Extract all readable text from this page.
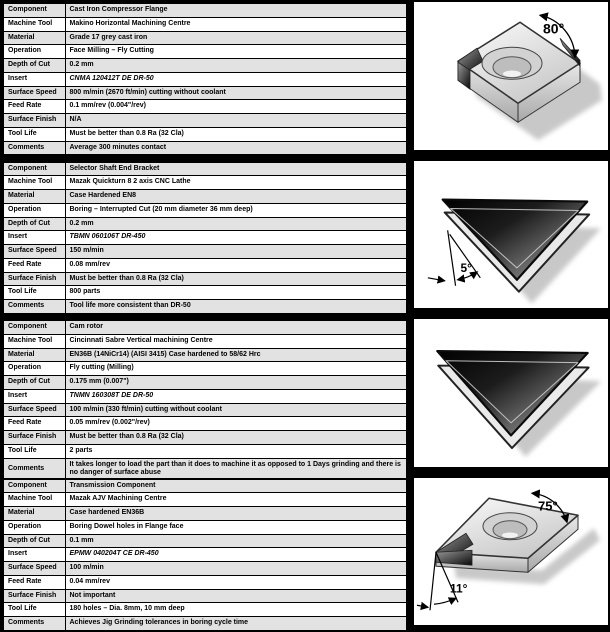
Component	Cast Iron Compressor Flange
Machine Tool	Makino Horizontal Machining Centre
Material	Grade 17 grey cast iron
Operation	Face Milling – Fly Cutting
Depth of Cut	0.2 mm
Insert	CNMA 120412T DE DR-50
Surface Speed	800 m/min (2670 ft/min) cutting without coolant
Feed Rate	0.1 mm/rev (0.004"/rev)
Surface Finish	N/A
Tool Life	Must be better than 0.8 Ra (32 Cla)
Comments	Average 300 minutes contact
80°
Component	Selector Shaft End Bracket
Machine Tool	Mazak Quickturn 8 2 axis CNC Lathe
Material	Case Hardened EN8
Operation	Boring – Interrupted Cut (20 mm diameter 36 mm deep)
Depth of Cut	0.2 mm
Insert	TBMN 060106T DR-450
Surface Speed	150 m/min
Feed Rate	0.08 mm/rev
Surface Finish	Must be better than 0.8 Ra (32 Cla)
Tool Life	800 parts
Comments	Tool life more consistent than DR-50
5°
Component	Cam rotor
Machine Tool	Cincinnati Sabre Vertical machining Centre
Material	EN36B (14NiCr14) (AISI 3415) Case hardened to 58/62 Hrc
Operation	Fly cutting (Milling)
Depth of Cut	0.175 mm (0.007")
Insert	TNMN 160308T DE DR-50
Surface Speed	100 m/min (330 ft/min) cutting without coolant
Feed Rate	0.05 mm/rev (0.002"/rev)
Surface Finish	Must be better than 0.8 Ra (32 Cla)
Tool Life	2 parts
Comments	It takes longer to load the part than it does to machine it as opposed to 1 Days grinding and there is no danger of surface abuse
Component	Transmission Component
Machine Tool	Mazak AJV Machining Centre
Material	Case hardened EN36B
Operation	Boring Dowel holes in Flange face
Depth of Cut	0.1 mm
Insert	EPMW 040204T CE DR-450
Surface Speed	100 m/min
Feed Rate	0.04 mm/rev
Surface Finish	Not important
Tool Life	180 holes – Dia. 8mm, 10 mm deep
Comments	Achieves Jig Grinding tolerances in boring cycle time
75°
11°
